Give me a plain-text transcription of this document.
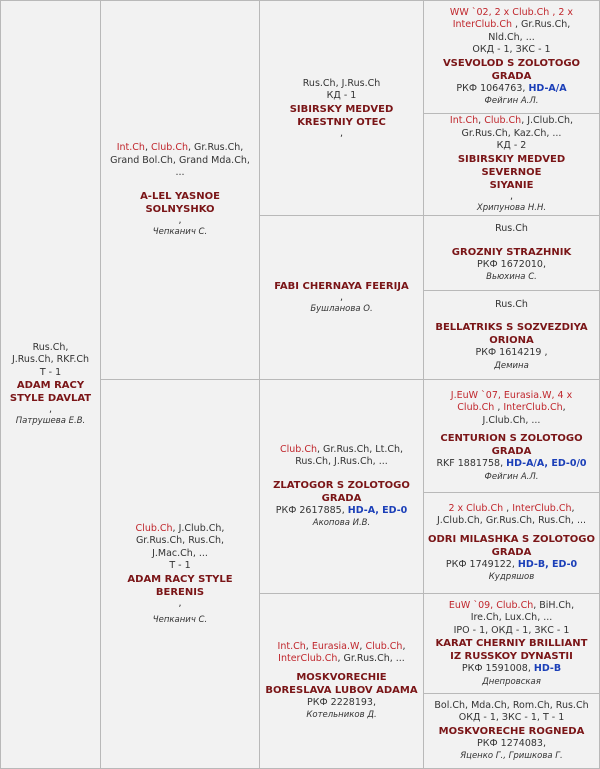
Rus.Ch,
J.Rus.Ch, RKF.Ch
Т - 1
ADAM RACY
STYLE DAVLAT
,
Патрушева Е.В.
Int.Ch, Club.Ch, Gr.Rus.Ch,
Grand Bol.Ch, Grand Mda.Ch,
...
A-LEL YASNOE SOLNYSHKO
,
Чепканич С.
Club.Ch, J.Club.Ch,
Gr.Rus.Ch, Rus.Ch,
J.Mac.Ch, ...
Т - 1
ADAM RACY STYLE
BERENIS
,
Чепканич С.
Rus.Ch, J.Rus.Ch
КД - 1
SIBIRSKY MEDVED
KRESTNIY OTEC
,
FABI CHERNAYA FEERIJA
,
Бушланова О.
Club.Ch, Gr.Rus.Ch, Lt.Ch,
Rus.Ch, J.Rus.Ch, ...
ZLATOGOR S ZOLOTOGO
GRADA
РКФ 2617885, HD-A, ED-0
Акопова И.В.
Int.Ch, Eurasia.W, Club.Ch,
InterClub.Ch, Gr.Rus.Ch, ...
MOSKVORECHIE
BORESLAVA LUBOV ADAMA
РКФ 2228193,
Котельников Д.
WW `02, 2 x Club.Ch , 2 x
InterClub.Ch , Gr.Rus.Ch,
Nld.Ch, ...
ОКД - 1, ЗКС - 1
VSEVOLOD S ZOLOTOGO
GRADA
РКФ 1064763, HD-A/A
Фейгин А.Л.
Int.Ch, Club.Ch, J.Club.Ch,
Gr.Rus.Ch, Kaz.Ch, ...
КД - 2
SIBIRSKIY MEDVED SEVERNOE
SIYANIE
,
Хрипунова Н.Н.
Rus.Ch
GROZNIY STRAZHNIK
РКФ 1672010,
Вьюхина С.
Rus.Ch
BELLATRIKS S SOZVEZDIYA
ORIONA
РКФ 1614219 ,
Демина
J.EuW `07, Eurasia.W, 4 x
Club.Ch , InterClub.Ch,
J.Club.Ch, ...
CENTURION S ZOLOTOGO
GRADA
RKF 1881758, HD-A/A, ED-0/0
Фейгин А.Л.
2 x Club.Ch , InterClub.Ch,
J.Club.Ch, Gr.Rus.Ch, Rus.Ch, ...
ODRI MILASHKA S ZOLOTOGO
GRADA
РКФ 1749122, HD-B, ED-0
Кудряшов
EuW `09, Club.Ch, BiH.Ch,
Ire.Ch, Lux.Ch, ...
IPO - 1, ОКД - 1, ЗКС - 1
KARAT CHERNIY BRILLIANT
IZ RUSSKOY DYNASTII
РКФ 1591008, HD-B
Днепровская
Bol.Ch, Mda.Ch, Rom.Ch, Rus.Ch
ОКД - 1, ЗКС - 1, Т - 1
MOSKVORECHE ROGNEDA
РКФ 1274083,
Яценко Г., Гришкова Г.
